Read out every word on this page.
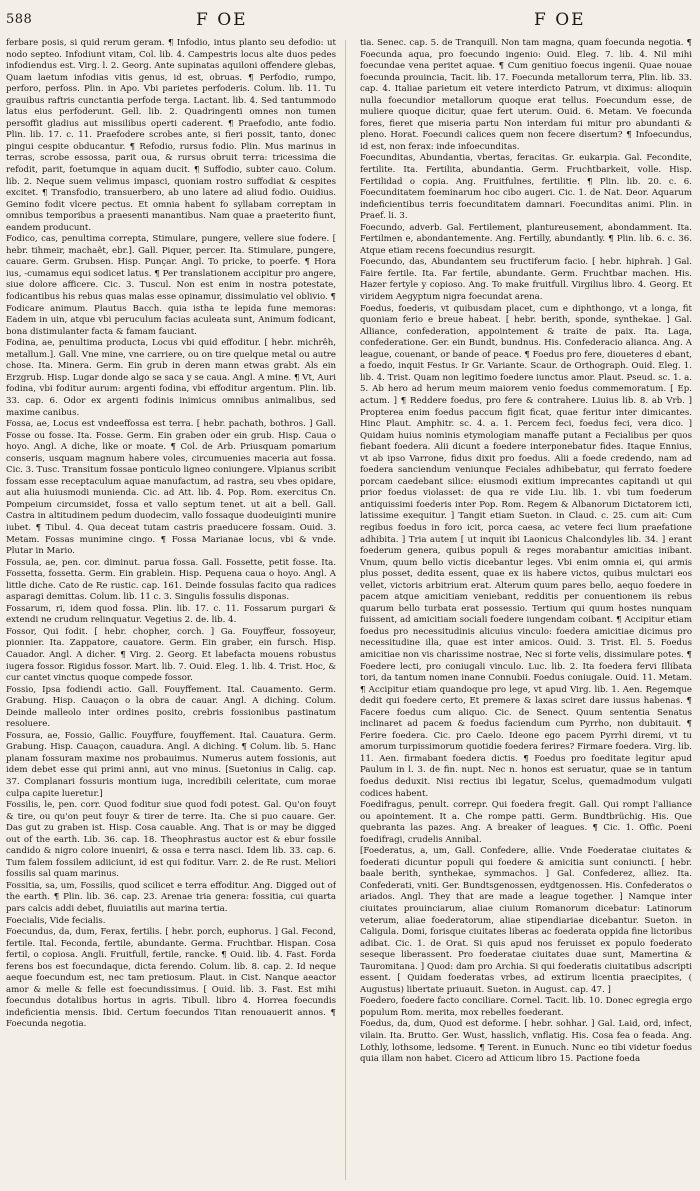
588	F OE	F OE

ferbare posis, si quid rerum geram. ¶ Infodio, intus planto seu defodio: ut nodo septeo. Infodiunt vitam, Col. lib. 4. Campestris locus alte duos pedes infodiendus est. Virg. l. 2. Georg. Ante supinatas aquiloni offendere glebas, Quam laetum infodias vitis genus, id est, obruas. ¶ Perfodio, rumpo, perforo, perfoss. Plin. in Apo. Vbi parietes perfoderis. Colum. lib. 11. Tu grauibus raftris cunctantia perfode terga. Lactant. lib. 4. Sed tantummodo latus eius perfoderunt. Gell. lib. 2. Quadringenti omnes non tumen persoffit gladius aut missilibus operti caderent. ¶ Praefodio, ante fodio. Plin. lib. 17. c. 11. Praefodere scrobes ante, si fieri possit, tanto, donec pingui cespite obducantur. ¶ Refodio, rursus fodio. Plin. Mus marinus in terras, scrobe essossa, parit oua, & rursus obruit terra: tricessima die refodit, parit, foetumque in aquam ducit. ¶ Suffodio, subter cauo. Colum. lib. 2. Neque suem velimus impasci, quoniam rostro suffodiat & cespites excitet. ¶ Transfodio, transuerbero, ab uno latere ad aliud fodio. Ouidius. Gemino fodit vlcere pectus. Et omnia habent fo syllabam correptam in omnibus temporibus a praesenti manantibus. Nam quae a praeterito fiunt, eandem producunt.

Fodico, cas, penultima correpta, Stimulare, pungere, vellere siue fodere. [ hebr. tihmeir, machaêt, ebr.]. Gall. Piquer, percer. Ita. Stimulare, pungere, cauare. Germ. Grubsen. Hisp. Punçar. Angl. To pricke, to poerfe. ¶ Hora ius, -cumamus equi sodicet latus. ¶ Per translationem accipitur pro angere, siue dolore afficere. Cic. 3. Tuscul. Non est enim in nostra potestate, fodicantibus his rebus quas malas esse opinamur, dissimulatio vel oblivio. ¶ Fodicare animum. Plautus Bacch. quia istha te lepida fune memoras: Eadem in uin, atque vbi peruculum facias aculeata sunt, Animum fodicant, bona distimulanter facta & famam fauciant.

Fodina, ae, penultima producta, Locus vbi quid effoditur. [ hebr. michrêh, metallum.]. Gall. Vne mine, vne carriere, ou on tire quelque metal ou autre chose. Ita. Minera. Germ. Ein grub in deren mann etwas grabt. Als ein Erzgrub. Hisp. Lugar donde algo se saca y se caua. Angl. A mine. ¶ Vt, Auri fodina, vbi foditur aurum: argenti fodina, vbi effoditur argentum. Plin. lib. 33. cap. 6. Odor ex argenti fodinis inimicus omnibus animalibus, sed maxime canibus.

Fossa, ae, Locus est vndeeffossa est terra. [ hebr. pachath, bothros. ] Gall. Fosse ou fosse. Ita. Fosse. Germ. Ein graben oder ein grub. Hisp. Caua o hoyo. Angl. A diche, like or moate. ¶ Col. de Arb. Priusquam pomarium conseris, usquam magnum habere voles, circumuenies maceria aut fossa. Cic. 3. Tusc. Transitum fossae ponticulo ligneo coniungere. Vlpianus scribit fossam esse receptaculum aquae manufactum, ad rastra, seu vbes opidare, aut alia huiusmodi munienda. Cic. ad Att. lib. 4. Pop. Rom. exercitus Cn. Pompeium circumsidet, fossa et vallo septum tenet. ut ait a bell. Gall. Castra in altitudinem pedum duodecim, vallo fossaque duodeuiginti munire iubet. ¶ Tibul. 4. Qua deceat tutam castris praeducere fossam. Ouid. 3. Metam. Fossas munimine cingo. ¶ Fossa Marianae locus, vbi & vnde. Plutar in Mario.

Fossula, ae, pen. cor. diminut. parua fossa. Gall. Fossette, petit fosse. Ita. Fossetta, fossetta. Germ. Ein grablein. Hisp. Pequena caua o hoyo. Angl. A little diche. Cato de Re rustic. cap. 161. Deinde fossulas facito qua radices asparagi demittas. Colum. lib. 11 c. 3. Singulis fossulis disponas.

Fossarum, ri, idem quod fossa. Plin. lib. 17. c. 11. Fossarum purgari & extendi ne crudum relinquatur. Vegetius 2. de. lib. 4.

Fossor, Qui fodit. [ hebr. chopher, corch. ] Ga. Fouyffeur, fossoyeur, pionnier. Ita. Zappatore, cauatore. Germ. Ein graber, ein fursch. Hisp. Cauador. Angl. A dicher. ¶ Virg. 2. Georg. Et labefacta mouens robustus iugera fossor. Rigidus fossor. Mart. lib. 7. Ouid. Eleg. 1. lib. 4. Trist. Hoc, & cur cantet vinctus quoque compede fossor.

Fossio, Ipsa fodiendi actio. Gall. Fouyffement. Ital. Cauamento. Germ. Grabung. Hisp. Cauaçon o la obra de cauar. Angl. A diching. Colum. Deinde malleolo inter ordines posito, crebris fossionibus pastinatum resoluere.

Fossura, ae, Fossio, Gallic. Fouyffure, fouyffement. Ital. Cauatura. Germ. Grabung. Hisp. Cauaçon, cauadura. Angl. A diching. ¶ Colum. lib. 5. Hanc planam fossuram maxime nos probauimus. Numerus autem fossionis, aut idem debet esse qui primi anni, aut vno minus. [Suetonius in Calig. cap. 37. Complanari fossuris montium iuga, incredibili celeritate, cum morae culpa capite lueretur.]

Fossilis, le, pen. corr. Quod foditur siue quod fodi potest. Gal. Qu'on fouyt & tire, ou qu'on peut fouyr & tirer de terre. Ita. Che si puo cauare. Ger. Das gut zu graben ist. Hisp. Cosa cauable. Ang. That is or may be digged out of the earth. Lib. 36. cap. 18. Theophrastus auctor est & ebur fossile candido & nigro colore inueniri, & ossa e terra nasci. Idem lib. 33. cap. 6. Tum falem fossilem adiiciunt, id est qui foditur. Varr. 2. de Re rust. Meliori fossilis sal quam marinus.

Fossitia, sa, um, Fossilis, quod scilicet e terra effoditur. Ang. Digged out of the earth. ¶ Plin. lib. 36. cap. 23. Arenae tria genera: fossitia, cui quarta pars calcis addi debet, fluuiatilis aut marina tertia.

Foecialis, Vide fecialis.

Foecundus, da, dum, Ferax, fertilis. [ hebr. porch, euphorus. ] Gal. Fecond, fertile. Ital. Feconda, fertile, abundante. Germa. Fruchtbar. Hispan. Cosa fertil, o copiosa. Angli. Fruitfull, fertile, rancke. ¶ Ouid. lib. 4. Fast. Forda ferens bos est foecundaque, dicta ferendo. Colum. lib. 8. cap. 2. Id neque aeque foecundum est, nec tam pretiosum. Plaut. in Cist. Nanque aeactor amor & melle & felle est foecundissimus. [ Ouid. lib. 3. Fast. Est mihi foecundus dotalibus hortus in agris. Tibull. libro 4. Horrea foecundis indeficientia mensis. Ibid. Certum foecundos Titan renouauerit annos. ¶ Foecunda negotia.

tia. Senec. cap. 5. de Tranquill. Non tam magna, quam foecunda negotia. ¶ Foecunda aqua, pro foecundo ingenio: Ouid. Eleg. 7. lib. 4. Nil mihi foecundae vena peritet aquae. ¶ Cum genitiuo foecus ingenii. Quae nouae foecunda prouincia, Tacit. lib. 17. Foecunda metallorum terra, Plin. lib. 33. cap. 4. Italiae parietum eit vetere interdicto Patrum, vt diximus: alioquin nulla foecundior metallorum quoque erat tellus. Foecundum esse, de muliere quoque dicitur, quae fert uterum. Ouid. 6. Metam. Ve foecunda fores, fieret que miseria partu Non interdam fui mitur pro abundanti & pleno. Horat. Foecundi calices quem non fecere disertum? ¶ Infoecundus, id est, non ferax: inde infoecunditas.

Foecunditas, Abundantia, vbertas, feracitas. Gr. eukarpia. Gal. Fecondite, fertilite. Ita. Fertilita, abundantia. Germ. Fruchtbarkeit, volle. Hisp. Fertilidad o copia. Ang. Fruitfulnes, fertilitie. ¶ Plin. lib. 20. c. 6. Foecunditatem foeminarum hoc cibo augeri. Cic. 1. de Nat. Deor. Aquarum indeficientibus terris foecunditatem damnari. Foecunditas animi. Plin. in Praef. li. 3.

Foecundo, adverb. Gal. Fertilement, plantureusement, abondamment. Ita. Fertilmen e, abondantemente. Ang. Fertilly, abundantly. ¶ Plin. lib. 6. c. 36. Atque etiam recens foecundius resurgit.

Foecundo, das, Abundantem seu fructiferum facio. [ hebr. hiphrah. ] Gal. Faire fertile. Ita. Far fertile, abundante. Germ. Fruchtbar machen. His. Hazer fertyle y copioso. Ang. To make fruitfull. Virgilius libro. 4. Georg. Et viridem Aegyptum nigra foecundat arena.

Foedus, foederis, vt quibusdam placet, cum e diphthongo, vt a longa, fit quoniam ferio e breue habeat. [ hebr. berith, sponde, synthekae. ] Gal. Alliance, confederation, appointement & traite de paix. Ita. Laga, confederatione. Ger. ein Bundt, bundnus. His. Confederacio alianca. Ang. A league, couenant, or bande of peace. ¶ Foedus pro fere, dioueteres d ebant, a foedo, inquit Festus. Ir Gr. Variante. Scaur. de Orthograph. Ouid. Eleg. 1. lib. 4. Trist. Quam non legitimo foedere iunctus amor. Plaut. Pseud. sc. 1. a. 5. Ab hero ad herum meum maiorem venio foedus commemoratum. [ Ep. actum. ] ¶ Reddere foedus, pro fere & contrahere. Liuius lib. 8. ab Vrb. ] Propterea enim foedus paccum figit ficat, quae feritur inter dimicantes. Hinc Plaut. Amphitr. sc. 4. a. 1. Percem feci, foedus feci, vera dico. ] Quidam huius nominis etymologiam manaffe putant a Fecialibus per quos fiebant foedera. Alii dicunt a foedere interponebatur fides. Itaque Ennius, vt ab ipso Varrone, fidus dixit pro foedus. Alii a foede credendo, nam ad foedera sanciendum veniunque Feciales adhibebatur, qui ferrato foedere porcam caedebant silice: eiusmodi exitium imprecantes capitandi ut qui prior foedus violasset: de qua re vide Liu. lib. 1. vbi tum foederum antiquissimi foederis inter Pop. Rom. Regem & Albanorum Dictatorem icti, latissime exequitur. ] Tangit etiam Sueton. in Claud. c. 25. cum ait: Cum regibus foedus in foro icit, porca caesa, ac vetere feci lium praefatione adhibita. ] Tria autem [ ut inquit ibi Laonicus Chalcondyles lib. 34. ] erant foederum genera, quibus populi & reges morabantur amicitias inibant. Vnum, quum bello victis dicebantur leges. Vbi enim omnia ei, qui armis plus posset, dedita essent, quae ex iis habere victos, quibus mulctari eos vellet, victoris arbitrium erat. Alterum quum pares bello, aequo foedere in pacem atque amicitiam veniebant, redditis per conuentionem iis rebus quarum bello turbata erat possessio. Tertium qui quum hostes nunquam fuissent, ad amicitiam sociali foedere iungendam coibant. ¶ Accipitur etiam foedus pro necessitudinis alicuius vinculo: foedera amicitiae dicimus pro necessitudine illa, quae est inter amicos. Ouid. 3. Trist. El. 5. Foedus amicitiae non vis charissime nostrae, Nec si forte velis, dissimulare potes. ¶ Foedere lecti, pro coniugali vinculo. Luc. lib. 2. Ita foedera fervi Illibata tori, da tantum nomen inane Connubii. Foedus coniugale. Ouid. 11. Metam. ¶ Accipitur etiam quandoque pro lege, vt apud Virg. lib. 1. Aen. Regemque dedit qui foedere certo, Et premere & laxas sciret dare iussus habenas. ¶ Facere foedus cum aliquo. Cic. de Senect. Quum sententia Senatus inclinaret ad pacem & foedus faciendum cum Pyrrho, non dubitauit. ¶ Ferire foedera. Cic. pro Caelo. Ideone ego pacem Pyrrhi diremi, vt tu amorum turpissimorum quotidie foedera ferires? Firmare foedera. Virg. lib. 11. Aen. firmabant foedera dictis. ¶ Foedus pro foeditate legitur apud Paulum in l. 3. de fin. nupt. Nec n. honos est seruatur, quae se in tantum foedus deduxit. Nisi rectius ibi legatur, Scelus, quemadmodum vulgati codices habent.

Foedifragus, penult. correpr. Qui foedera fregit. Gall. Qui rompt l'alliance ou apointement. It a. Che rompe patti. Germ. Bundtbrüchig. His. Que quebranta las pazes. Ang. A breaker of leagues. ¶ Cic. 1. Offic. Poeni foedifragi, crudelis Annibal.

[Foederatus, a, um, Gall. Confedere, allie. Vnde Foederatae ciuitates & foederati dicuntur populi qui foedere & amicitia sunt coniuncti. [ hebr. baale berith, synthekae, symmachos. ] Gal. Confederez, alliez. Ita. Confederati, vniti. Ger. Bundtsgenossen, eydtgenossen. His. Confederatos o ariados. Angl. They that are made a league together. ] Namque inter ciuitates prouinciarum, aliae ciuium Romanorum dicebatur: Latinorum veterum, aliae foederatorum, aliae stipendiariae dicebantur. Sueton. in Caligula. Domi, forisque ciuitates liberas ac foederata oppida fine lictoribus adibat. Cic. 1. de Orat. Si quis apud nos feruisset ex populo foederato seseque liberassent. Pro foederatae ciuitates duae sunt, Mamertina & Tauromitana. ] Quod: dam pro Archia. Si qui foederatis ciuitatibus adscripti essent. [ Quidam foederatas vrbes, ad extirum licentia praecipites, ( Augustus) libertate priuauit. Sueton. in August. cap. 47. ]

Foedero, foedere facto conciliare. Cornel. Tacit. lib. 10. Donec egregia ergo populum Rom. merita, mox rebelles foederant.

Foedus, da, dum, Quod est deforme. [ hebr. sohhar. ] Gal. Laid, ord, infect, vilain. Ita. Brutto. Ger. Wust, hasslich, vnflatig. His. Cosa fea o feada. Ang. Lothly, lothsome, ledsome. ¶ Terent. in Eunuch. Nunc eo tibi videtur foedus quia illam non habet. Cicero ad Atticum libro 15. Pactione foeda
